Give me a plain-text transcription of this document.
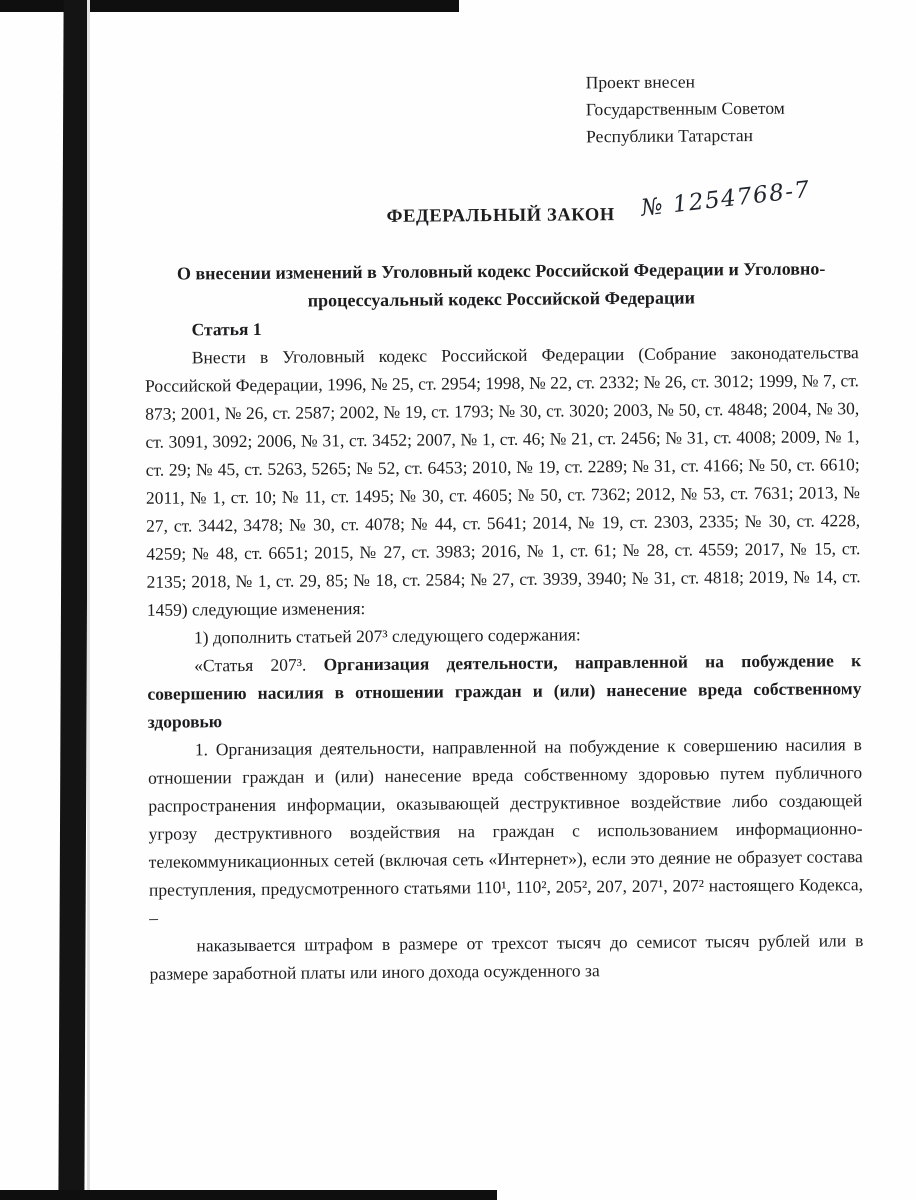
Проект внесен
Государственным Советом
Республики Татарстан
ФЕДЕРАЛЬНЫЙ ЗАКОН № 1254768-7
О внесении изменений в Уголовный кодекс Российской Федерации и Уголовно-процессуальный кодекс Российской Федерации

Статья 1

Внести в Уголовный кодекс Российской Федерации (Собрание законодательства Российской Федерации, 1996, № 25, ст. 2954; 1998, № 22, ст. 2332; № 26, ст. 3012; 1999, № 7, ст. 873; 2001, № 26, ст. 2587; 2002, № 19, ст. 1793; № 30, ст. 3020; 2003, № 50, ст. 4848; 2004, № 30, ст. 3091, 3092; 2006, № 31, ст. 3452; 2007, № 1, ст. 46; № 21, ст. 2456; № 31, ст. 4008; 2009, № 1, ст. 29; № 45, ст. 5263, 5265; № 52, ст. 6453; 2010, № 19, ст. 2289; № 31, ст. 4166; № 50, ст. 6610; 2011, № 1, ст. 10; № 11, ст. 1495; № 30, ст. 4605; № 50, ст. 7362; 2012, № 53, ст. 7631; 2013, № 27, ст. 3442, 3478; № 30, ст. 4078; № 44, ст. 5641; 2014, № 19, ст. 2303, 2335; № 30, ст. 4228, 4259; № 48, ст. 6651; 2015, № 27, ст. 3983; 2016, № 1, ст. 61; № 28, ст. 4559; 2017, № 15, ст. 2135; 2018, № 1, ст. 29, 85; № 18, ст. 2584; № 27, ст. 3939, 3940; № 31, ст. 4818; 2019, № 14, ст. 1459) следующие изменения:

1) дополнить статьей 207³ следующего содержания:

«Статья 207³. Организация деятельности, направленной на побуждение к совершению насилия в отношении граждан и (или) нанесение вреда собственному здоровью

1. Организация деятельности, направленной на побуждение к совершению насилия в отношении граждан и (или) нанесение вреда собственному здоровью путем публичного распространения информации, оказывающей деструктивное воздействие либо создающей угрозу деструктивного воздействия на граждан с использованием информационно-телекоммуникационных сетей (включая сеть «Интернет»), если это деяние не образует состава преступления, предусмотренного статьями 110¹, 110², 205², 207, 207¹, 207² настоящего Кодекса, –

наказывается штрафом в размере от трехсот тысяч до семисот тысяч рублей или в размере заработной платы или иного дохода осужденного за
